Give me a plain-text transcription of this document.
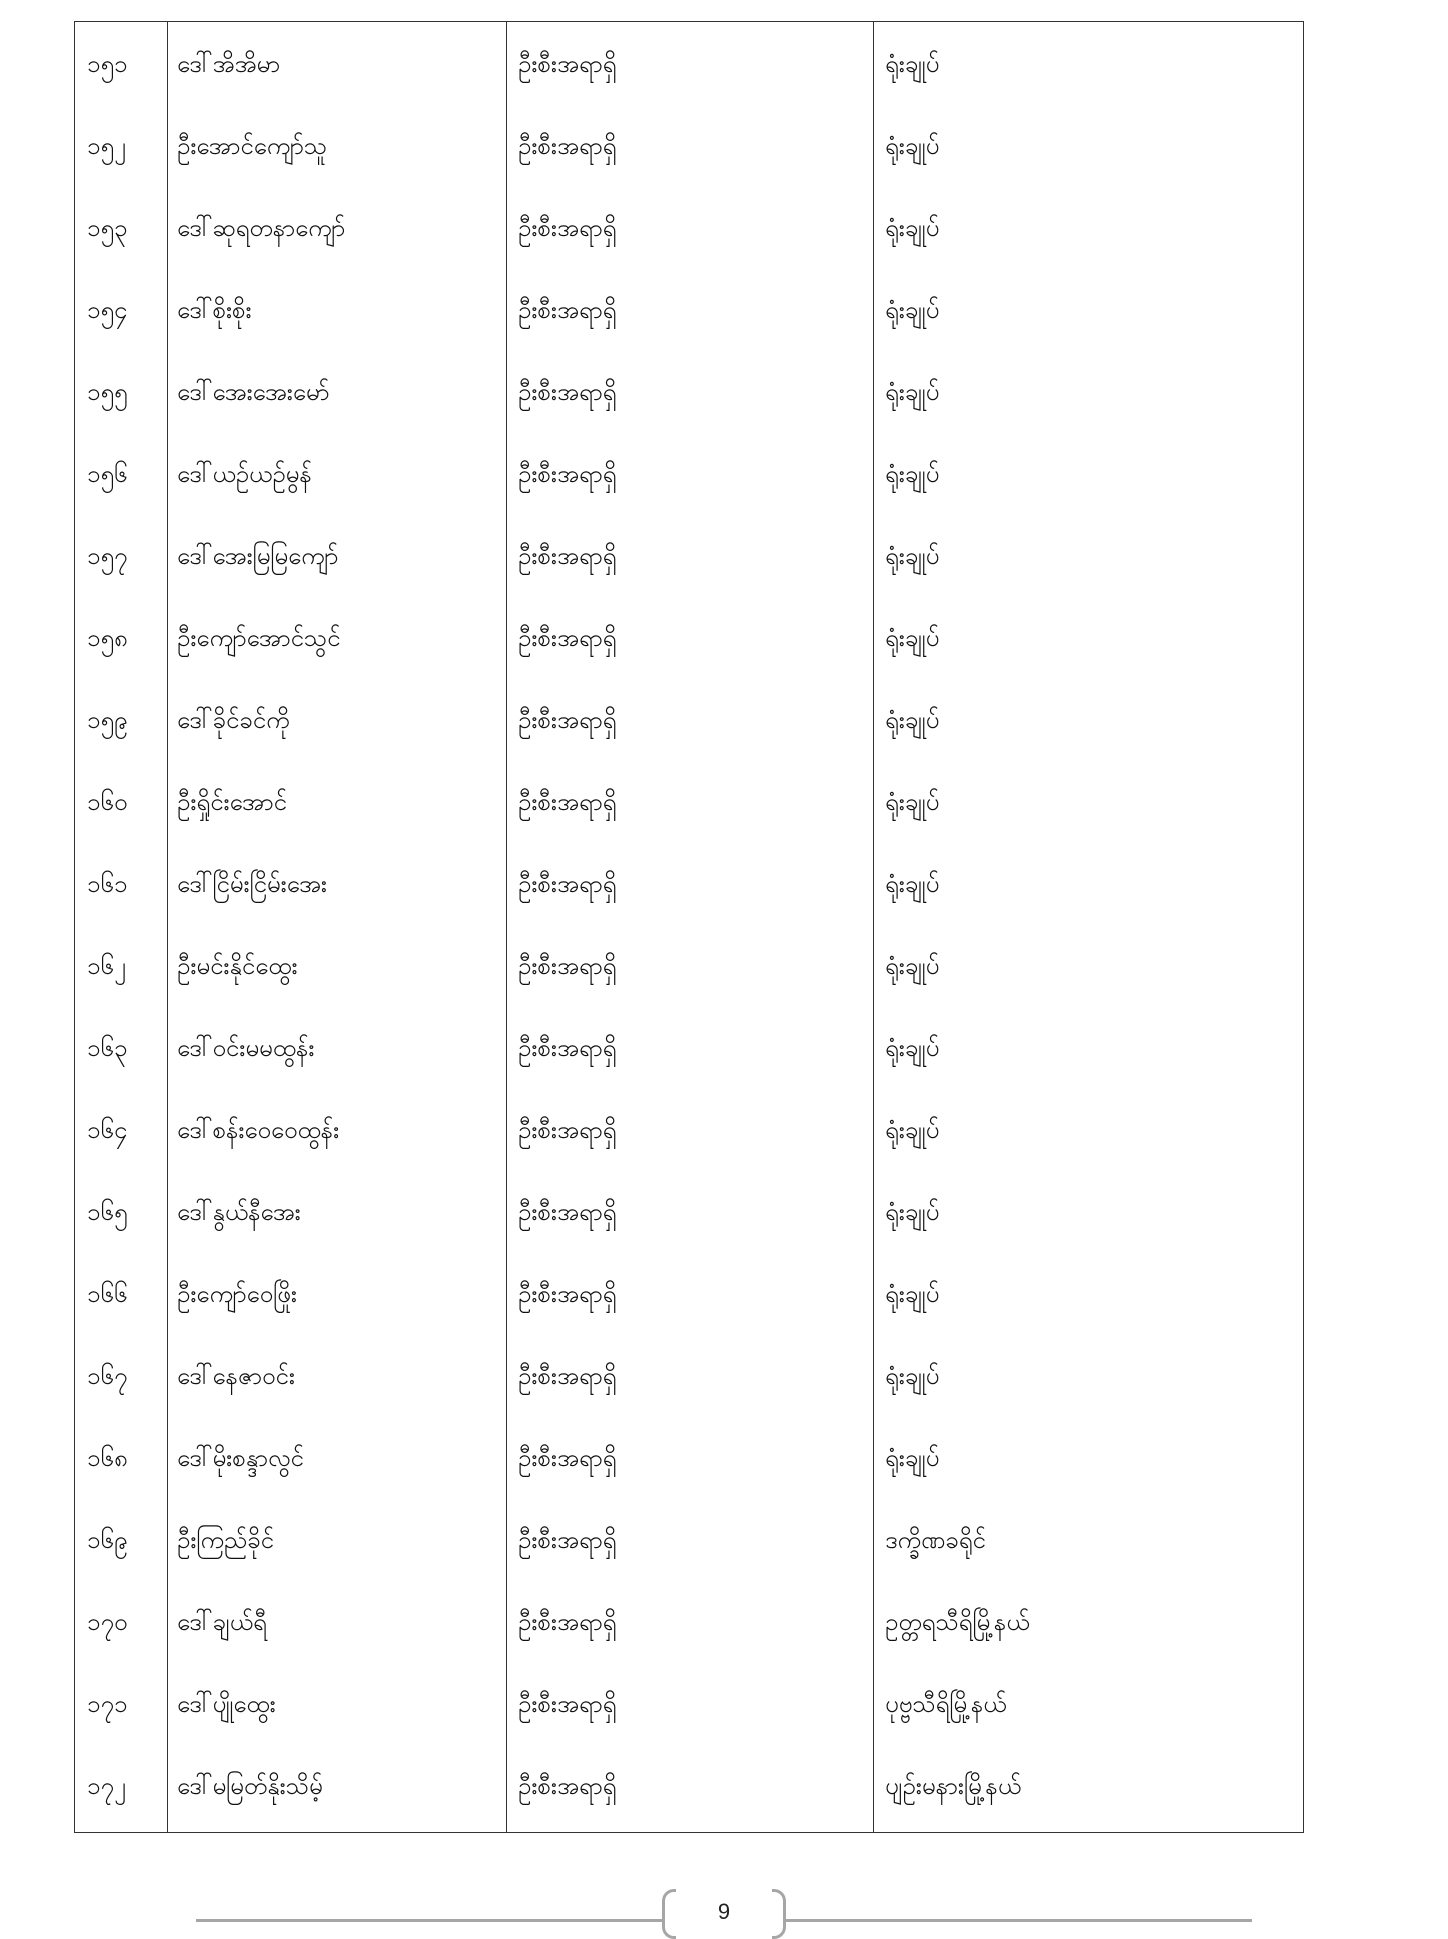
၁၅၁ ဒေါ်အိအိမာ	ဦးစီးအရာရှိ	ရုံးချုပ်
၁၅၂ ဦးအောင်ကျော်သူ	ဦးစီးအရာရှိ	ရုံးချုပ်
၁၅၃ ဒေါ်ဆုရတနာကျော်	ဦးစီးအရာရှိ	ရုံးချုပ်
၁၅၄ ဒေါ်စိုးစိုး	ဦးစီးအရာရှိ	ရုံးချုပ်
၁၅၅ ဒေါ်အေးအေးမော်	ဦးစီးအရာရှိ	ရုံးချုပ်
၁၅၆ ဒေါ်ယဉ်ယဉ်မွန်	ဦးစီးအရာရှိ	ရုံးချုပ်
၁၅၇ ဒေါ်အေးမြမြကျော်	ဦးစီးအရာရှိ	ရုံးချုပ်
၁၅၈ ဦးကျော်အောင်သွင်	ဦးစီးအရာရှိ	ရုံးချုပ်
၁၅၉ ဒေါ်ခိုင်ခင်ကို	ဦးစီးအရာရှိ	ရုံးချုပ်
၁၆၀ ဦးရှိုင်းအောင်	ဦးစီးအရာရှိ	ရုံးချုပ်
၁၆၁ ဒေါ်ငြိမ်းငြိမ်းအေး	ဦးစီးအရာရှိ	ရုံးချုပ်
၁၆၂ ဦးမင်းနိုင်ထွေး	ဦးစီးအရာရှိ	ရုံးချုပ်
၁၆၃ ဒေါ်ဝင်းမမထွန်း	ဦးစီးအရာရှိ	ရုံးချုပ်
၁၆၄ ဒေါ်စန်းဝေဝေထွန်း	ဦးစီးအရာရှိ	ရုံးချုပ်
၁၆၅ ဒေါ်နွယ်နီအေး	ဦးစီးအရာရှိ	ရုံးချုပ်
၁၆၆ ဦးကျော်ဝေဖြိုး	ဦးစီးအရာရှိ	ရုံးချုပ်
၁၆၇ ဒေါ်နေဇာဝင်း	ဦးစီးအရာရှိ	ရုံးချုပ်
၁၆၈ ဒေါ်မိုးစန္ဒာလွင်	ဦးစီးအရာရှိ	ရုံးချုပ်
၁၆၉ ဦးကြည်ခိုင်	ဦးစီးအရာရှိ	ဒက္ခိဏခရိုင်
၁၇၀ ဒေါ်ချယ်ရီ	ဦးစီးအရာရှိ	ဥတ္တရသီရိမြို့နယ်
၁၇၁ ဒေါ်ပျိုထွေး	ဦးစီးအရာရှိ	ပုဗ္ဗသီရိမြို့နယ်
၁၇၂ ဒေါ်မမြတ်နိုးသိမ့်	ဦးစီးအရာရှိ	ပျဉ်းမနားမြို့နယ်
9
